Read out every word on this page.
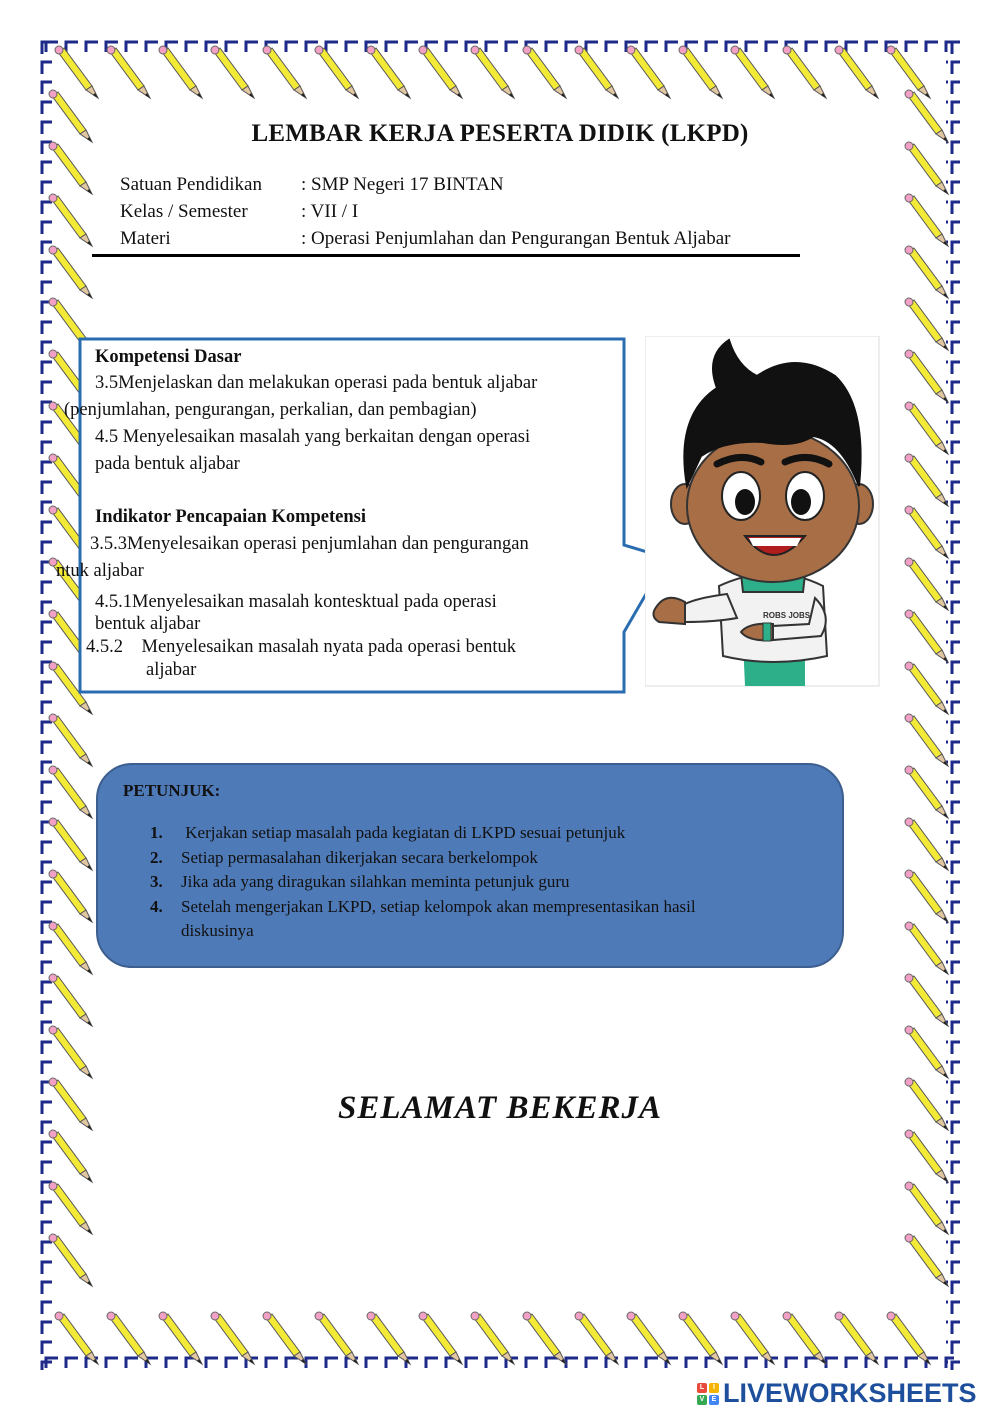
LEMBAR KERJA PESERTA DIDIK (LKPD)
Satuan Pendidikan	: SMP Negeri 17 BINTAN
Kelas / Semester	: VII / I
Materi	: Operasi Penjumlahan dan Pengurangan Bentuk Aljabar
Kompetensi Dasar
3.5Menjelaskan dan melakukan operasi pada bentuk aljabar
(penjumlahan, pengurangan, perkalian, dan pembagian)
4.5 Menyelesaikan masalah yang berkaitan dengan operasi
pada bentuk aljabar
Indikator Pencapaian Kompetensi
3.5.3Menyelesaikan operasi penjumlahan dan pengurangan
ntuk aljabar
4.5.1Menyelesaikan masalah kontesktual pada operasi
bentuk aljabar
4.5.2    Menyelesaikan masalah nyata pada operasi bentuk
aljabar
ROBS JOBS
PETUNJUK:
1.	Kerjakan setiap masalah pada kegiatan di LKPD sesuai petunjuk
2.	Setiap permasalahan dikerjakan secara berkelompok
3.	Jika ada yang diragukan silahkan meminta petunjuk guru
4.	Setelah mengerjakan LKPD, setiap kelompok akan mempresentasikan hasil diskusinya
SELAMAT BEKERJA
L	I
V	E LIVEWORKSHEETS
